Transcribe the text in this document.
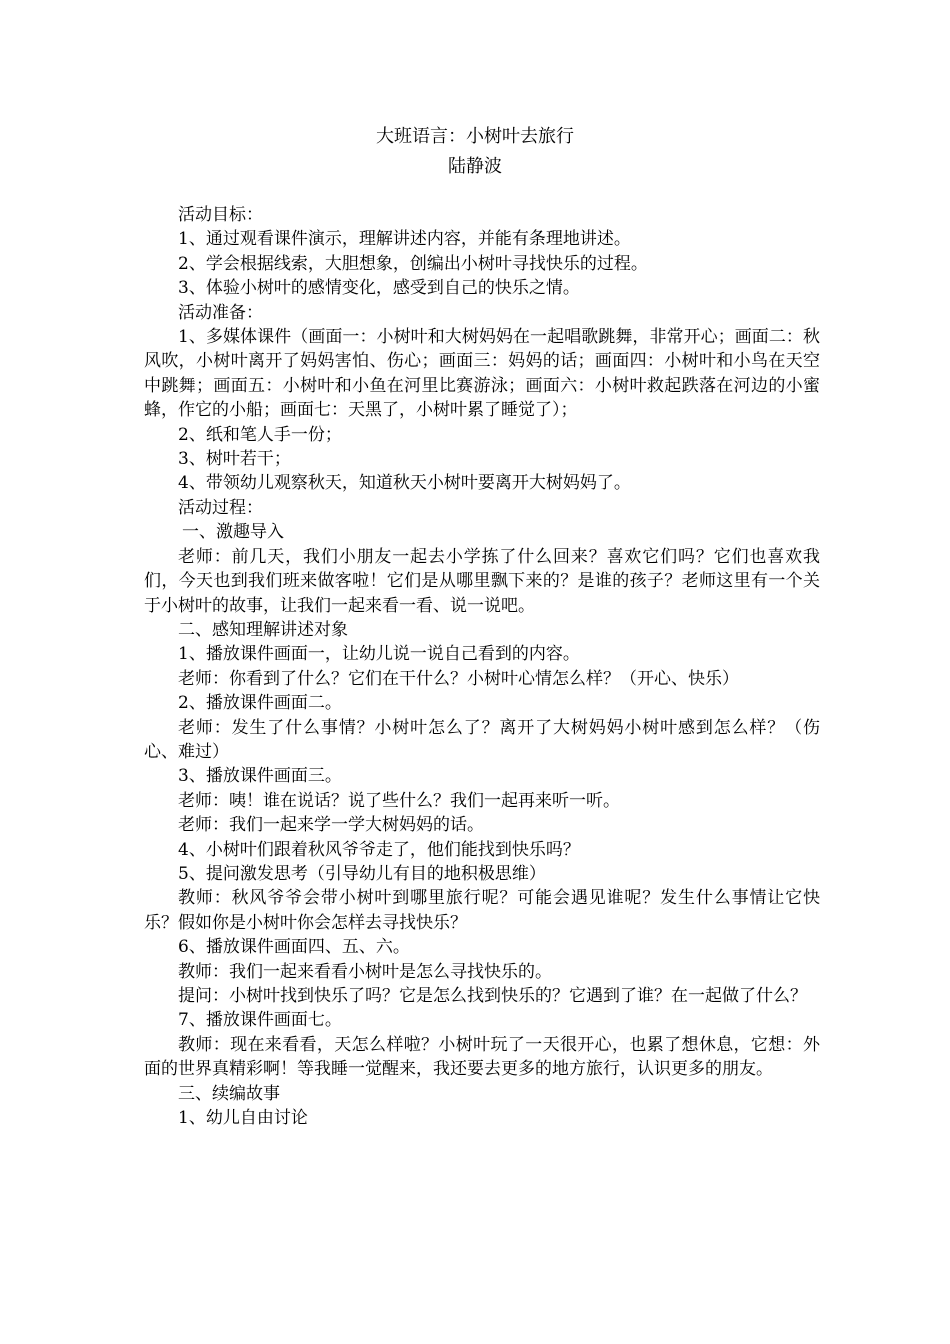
大班语言：小树叶去旅行

陆静波

活动目标：

1、通过观看课件演示，理解讲述内容，并能有条理地讲述。

2、学会根据线索，大胆想象，创编出小树叶寻找快乐的过程。

3、体验小树叶的感情变化，感受到自己的快乐之情。

活动准备：

1、多媒体课件（画面一：小树叶和大树妈妈在一起唱歌跳舞，非常开心；画面二：秋风吹，小树叶离开了妈妈害怕、伤心；画面三：妈妈的话；画面四：小树叶和小鸟在天空中跳舞；画面五：小树叶和小鱼在河里比赛游泳；画面六：小树叶救起跌落在河边的小蜜蜂，作它的小船；画面七：天黑了，小树叶累了睡觉了）；

2、纸和笔人手一份；

3、树叶若干；

4、带领幼儿观察秋天，知道秋天小树叶要离开大树妈妈了。

活动过程：

一、激趣导入

老师：前几天，我们小朋友一起去小学拣了什么回来？喜欢它们吗？它们也喜欢我们，今天也到我们班来做客啦！它们是从哪里飘下来的？是谁的孩子？老师这里有一个关于小树叶的故事，让我们一起来看一看、说一说吧。

二、感知理解讲述对象

1、播放课件画面一，让幼儿说一说自己看到的内容。

老师：你看到了什么？它们在干什么？小树叶心情怎么样？（开心、快乐）

2、播放课件画面二。

老师：发生了什么事情？小树叶怎么了？离开了大树妈妈小树叶感到怎么样？（伤心、难过）

3、播放课件画面三。

老师：咦！谁在说话？说了些什么？我们一起再来听一听。

老师：我们一起来学一学大树妈妈的话。

4、小树叶们跟着秋风爷爷走了，他们能找到快乐吗？

5、提问激发思考（引导幼儿有目的地积极思维）

教师：秋风爷爷会带小树叶到哪里旅行呢？可能会遇见谁呢？发生什么事情让它快乐？假如你是小树叶你会怎样去寻找快乐？

6、播放课件画面四、五、六。

教师：我们一起来看看小树叶是怎么寻找快乐的。

提问：小树叶找到快乐了吗？它是怎么找到快乐的？它遇到了谁？在一起做了什么？

7、播放课件画面七。

教师：现在来看看，天怎么样啦？小树叶玩了一天很开心，也累了想休息，它想：外面的世界真精彩啊！等我睡一觉醒来，我还要去更多的地方旅行，认识更多的朋友。

三、续编故事

1、幼儿自由讨论
